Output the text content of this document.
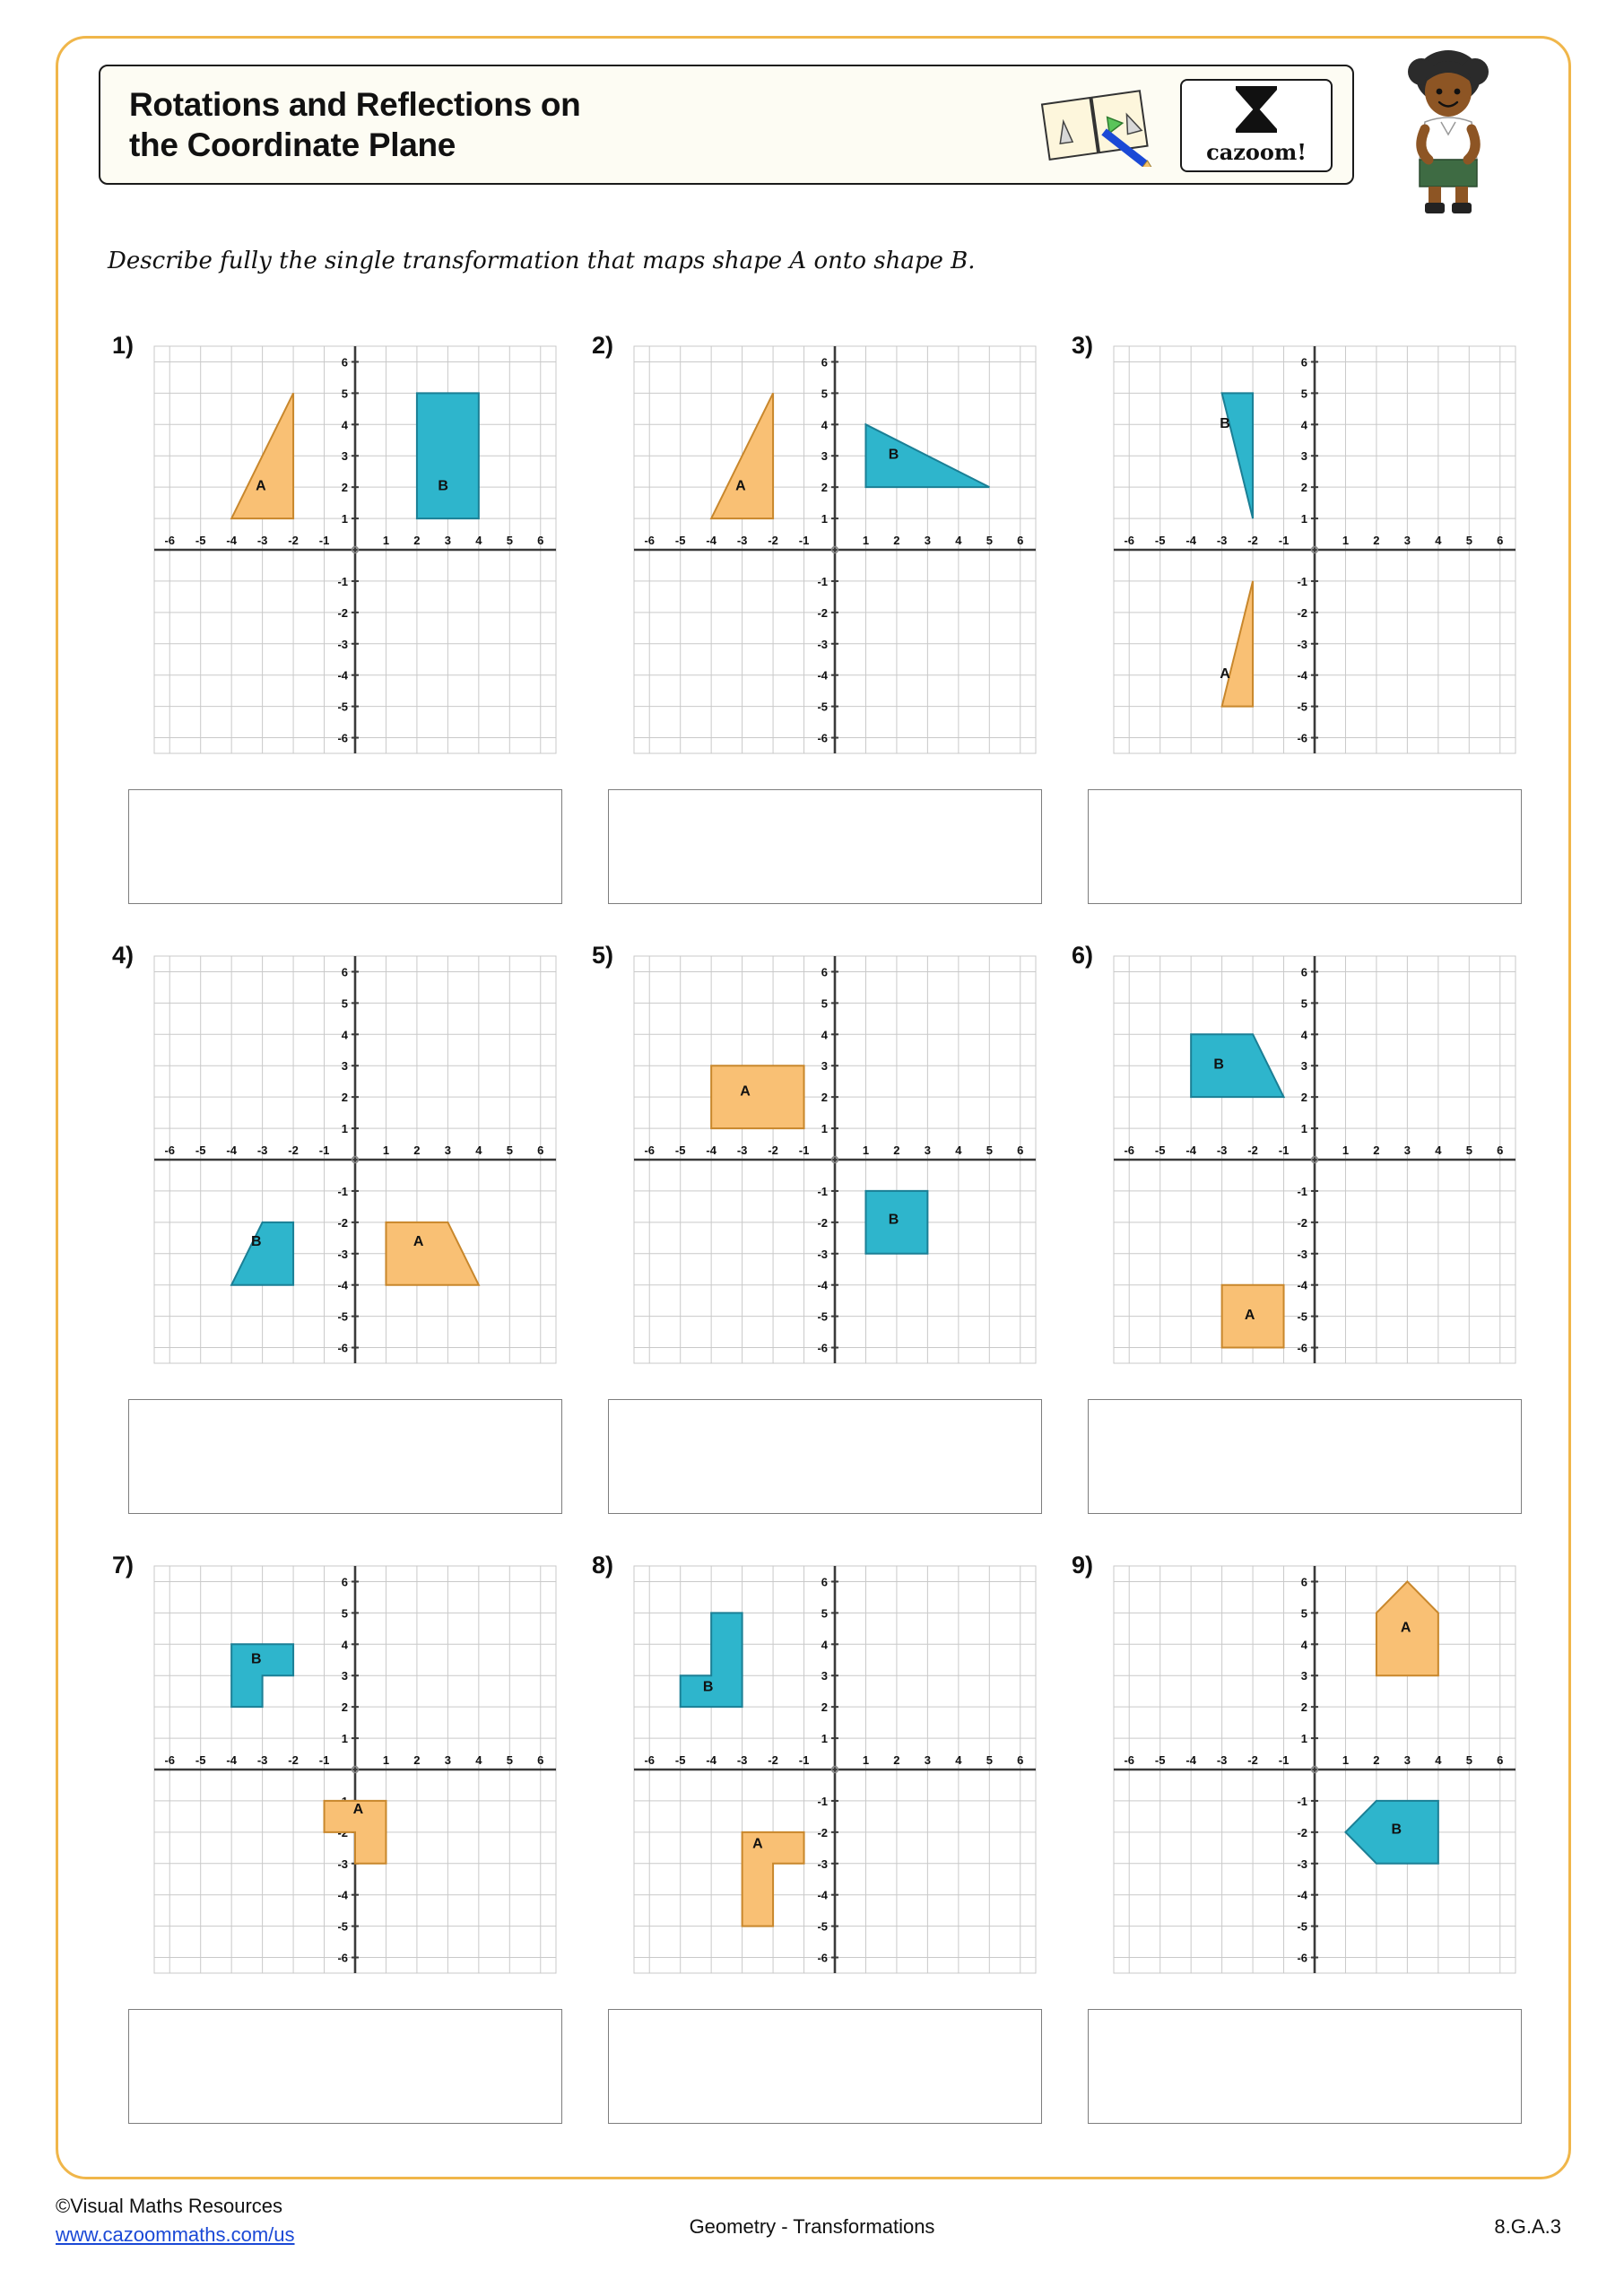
Rotations and Reflections on
the Coordinate Plane	cazoom!
Describe fully the single transformation that maps shape A onto shape B.
1)
-6 -5 -4 -3 -2 -1	1 2 3 4 5 6
6
5
4
3
2
1
-1
-2
-3
-4
-5
-6
A	B
2)
-6 -5 -4 -3 -2 -1	1 2 3 4 5 6
6
5
4
3
2
1
-1
-2
-3
-4
-5
-6
A
B
3)
-6 -5 -4 -3 -2 -1	1 2 3 4 5 6
6
5
4
3
2
1
-1
-2
-3
-4
-5
-6
B
A
4)
-6 -5 -4 -3 -2 -1	1 2 3 4 5 6
6
5
4
3
2
1
-1
-2
-3
-4
-5
-6
B	A
5)
-6 -5 -4 -3 -2 -1	1 2 3 4 5 6
6
5
4
3
2
1
-1
-2
-3
-4
-5
-6
A
B
6)
-6 -5 -4 -3 -2 -1	1 2 3 4 5 6
6
5
4
3
2
1
-1
-2
-3
-4
-5
-6
B
A
7)
-6 -5 -4 -3 -2 -1	1 2 3 4 5 6
6
5
4
3
2
1
-3
-4
-5
-6
B
A
8)
-6 -5 -4 -3 -2 -1	1 2 3 4 5 6
6
5
4
3
2
1
-1
-2
-3
-4
-5
-6
B
A
9)
-6 -5 -4 -3 -2 -1	1 2 3 4 5 6
6
5
4
3
2
1
-1
-2
-3
-4
-5
-6
A
B
©Visual Maths Resources
www.cazoommaths.com/us	Geometry - Transformations	8.G.A.3
